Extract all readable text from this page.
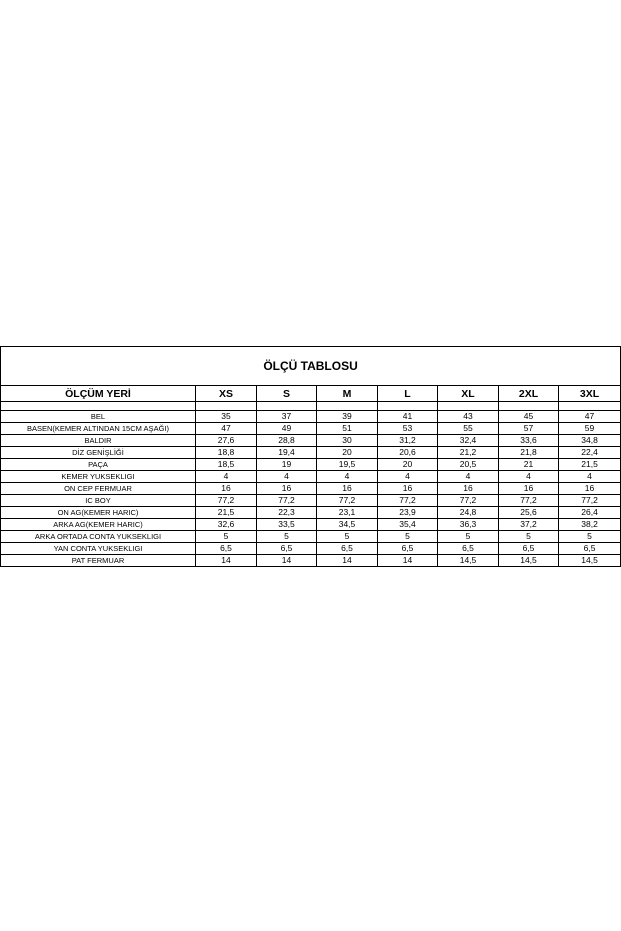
ÖLÇÜ TABLOSU							
ÖLÇÜM YERİ	XS	S	M	L	XL	2XL	3XL

BEL	35	37	39	41	43	45	47
BASEN(KEMER ALTINDAN 15CM AŞAĞI)	47	49	51	53	55	57	59
BALDIR	27,6	28,8	30	31,2	32,4	33,6	34,8
DİZ GENİŞLİĞİ	18,8	19,4	20	20,6	21,2	21,8	22,4
PAÇA	18,5	19	19,5	20	20,5	21	21,5
KEMER YUKSEKLIGI	4	4	4	4	4	4	4
ON CEP FERMUAR	16	16	16	16	16	16	16
IC BOY	77,2	77,2	77,2	77,2	77,2	77,2	77,2
ON AG(KEMER HARIC)	21,5	22,3	23,1	23,9	24,8	25,6	26,4
ARKA AG(KEMER HARIC)	32,6	33,5	34,5	35,4	36,3	37,2	38,2
ARKA ORTADA CONTA YUKSEKLIGI	5	5	5	5	5	5	5
YAN CONTA YUKSEKLIGI	6,5	6,5	6,5	6,5	6,5	6,5	6,5
PAT FERMUAR	14	14	14	14	14,5	14,5	14,5
